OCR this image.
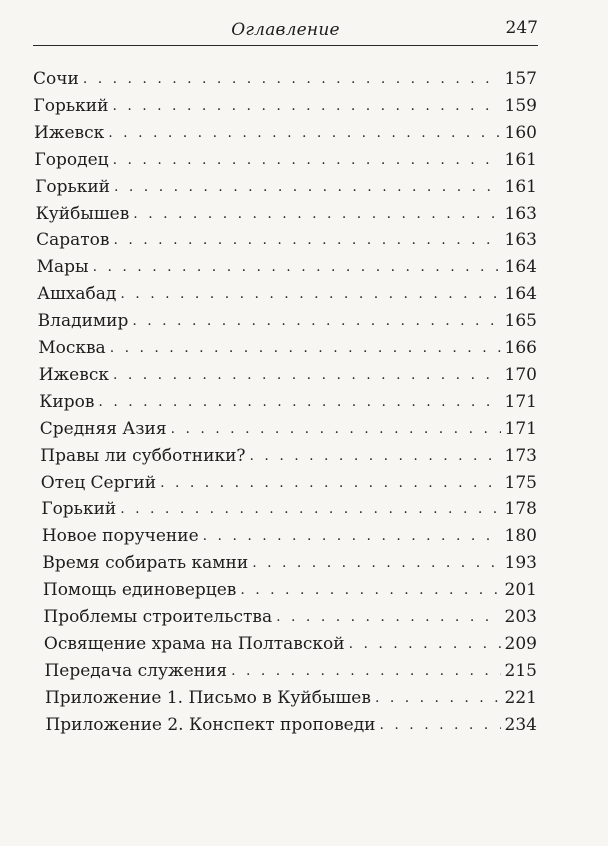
Оглавление	247
Сочи . . .	157
Горький . . .	159
Ижевск . . .	160
Городец . . .	161
Горький . . .	161
Куйбышев . . .	163
Саратов . . .	163
Мары . . .	164
Ашхабад . . .	164
Владимир . . .	165
Москва . . .	166
Ижевск . . .	170
Киров . . .	171
Средняя Азия . . .	171
Правы ли субботники? . . .	173
Отец Сергий . . .	175
Горький . . .	178
Новое поручение . . .	180
Время собирать камни . . .	193
Помощь единоверцев . . .	201
Проблемы строительства . . .	203
Освящение храма на Полтавской . . .	209
Передача служения . . .	215
Приложение 1. Письмо в Куйбышев . . .	221
Приложение 2. Конспект проповеди . . .	234
